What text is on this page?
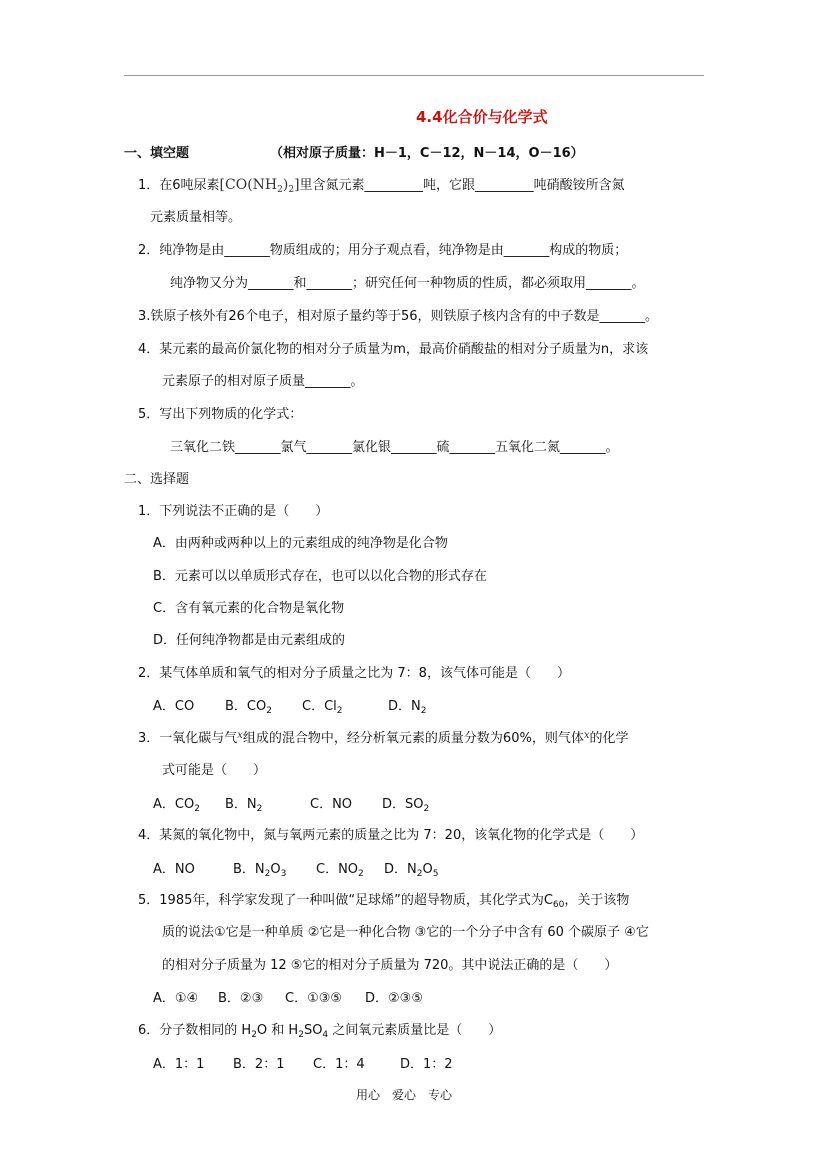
4.4化合价与化学式
一、填空题	（相对原子质量：H－1，C－12，N－14，O－16）
1．在6吨尿素$[CO(NH_2)_2]$里含氮元素_________吨，它跟_________吨硝酸铵所含氮
元素质量相等。
2．纯净物是由_______物质组成的；用分子观点看，纯净物是由_______构成的物质；
纯净物又分为_______和_______；研究任何一种物质的性质，都必须取用_______。
3.铁原子核外有26个电子，相对原子量约等于56，则铁原子核内含有的中子数是_______。
4．某元素的最高价氯化物的相对分子质量为m，最高价硝酸盐的相对分子质量为n，求该
元素原子的相对原子质量_______。
5．写出下列物质的化学式：
三氧化二铁_______氯气_______氯化银_______硫_______五氧化二氮_______。
二、选择题
1．下列说法不正确的是（　　）
A．由两种或两种以上的元素组成的纯净物是化合物
B．元素可以以单质形式存在，也可以以化合物的形式存在
C．含有氧元素的化合物是氧化物
D．任何纯净物都是由元素组成的
2．某气体单质和氧气的相对分子质量之比为 7：8，该气体可能是（　　）
A．CO B．$CO_2$ C．$Cl_2$	D．$N_2$
3．一氧化碳与气$^x$组成的混合物中，经分析氧元素的质量分数为60%，则气体$^x$的化学
式可能是（　　）
A．$CO_2$ B．$N_2$	C．NO D．$SO_2$
4．某氮的氧化物中，氮与氧两元素的质量之比为 7：20，该氧化物的化学式是（　　）
A．NO	B．$N_2O_3$ C．$NO_2$ D．$N_2O_5$
5．1985年，科学家发现了一种叫做“足球烯”的超导物质，其化学式为$C_{60}$，关于该物
质的说法①它是一种单质 ②它是一种化合物 ③它的一个分子中含有 60 个碳原子 ④它
的相对分子质量为 12 ⑤它的相对分子质量为 720。其中说法正确的是（　　）
A．①④ B．②③ C．①③⑤ D．②③⑤
6．分子数相同的 $H_2O$ 和 $H_2SO_4$ 之间氧元素质量比是（　　）
A．1：1 B．2：1 C．1：4	D．1：2
用心　爱心　专心
